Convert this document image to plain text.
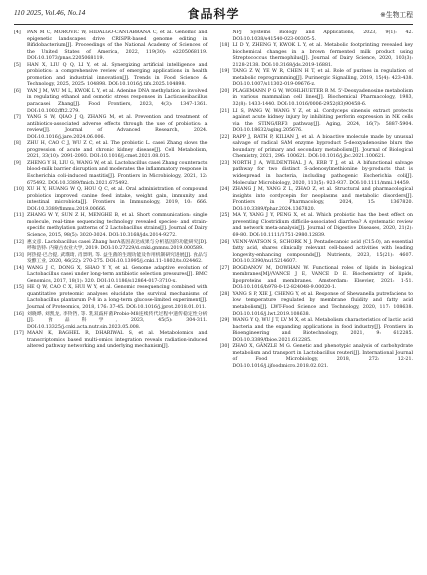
110 2025, Vol.46, No.14	食品科学	※生物工程
[4]	PAN M C, MOROVIC W, HIDALGO-CANTABRANA C, et al. Genomic and epigenetic landscapes drive CRISPR-based genome editing in Bifidobacterium[J]. Proceedings of the National Academy of Sciences of the United States of America, 2022, 119(30): e2205068119. DOI:10.1073/pnas.2205068119.
[5]	HAN X, LIU Q Q, LI Y, et al. Synergizing artificial intelligence and probiotics: a comprehensive review of emerging applications in health promotion and industrial innovation[J]. Trends in Food Science & Technology, 2025, 2025: 104898. DOI:10.1016/j.tifs.2025.104898.
[6]	YAN J M, WU M L, KWOK L Y, et al. Adenine DNA methylation is involved in regulating ethanol and osmotic stress responses in Lacticaseibacillus paracasei Zhang[J]. Food Frontiers, 2023, 4(3): 1347-1361. DOI:10.1002/fft2.279.
[7]	YANG S W, QIAO J Q, ZHANG M, et al. Prevention and treatment of antibiotics-associated adverse effects through the use of probiotics: a review[J]. Journal of Advanced Research, 2024. DOI:10.1016/j.jare.2024.06.006.
[8]	ZHU H, CAO C J, WU Z C, et al. The probiotic L. casei Zhang slows the progression of acute and chronic kidney disease[J]. Cell Metabolism, 2021, 33(10): 2091-2093. DOI:10.1016/j.cmet.2021.08.015.
[9]	ZHENG Y H, LIU G, WANG W, et al. Lactobacillus casei Zhang counteracts blood-milk barrier disruption and moderates the inflammatory response in Escherichia coli-induced mastitis[J]. Frontiers in Microbiology, 2021, 12: 675492. DOI:10.3389/fmicb.2021.675492.
[10] XU H Y, HUANG W Q, HOU Q C, et al. Oral administration of compound probiotics improved canine feed intake, weight gain, immunity and intestinal microbiota[J]. Frontiers in Immunology, 2019, 10: 666. DOI:10.3389/fimmu.2019.00666.
[11] ZHANG W Y, SUN Z H, MENGHE B, et al. Short communication: single molecule, real-time sequencing technology revealed species- and strain-specific methylation patterns of 2 Lactobacillus strains[J]. Journal of Dairy Science, 2015, 98(5): 3020-3024. DOI:10.3168/jds.2014-9272.
[12] 惠文彦. Lactobacillus casei Zhang hsrA基因表达成果与分析基因的功能研究[D]. 呼和浩特: 内蒙古农业大学, 2019. DOI:10.27229/d.cnki.gnmnu.2019.000589.
[13] 阿热提·巴合提, 武璞琦, 肖景明, 等. 益生菌的生理功能及作用机制研究进展[J]. 食品与发酵工业, 2020, 46(22): 270-275. DOI:10.13995/j.cnki.11-1802/ts.024462.
[14] WANG J C, DONG X, SHAO Y Y, et al. Genome adaptive evolution of Lactobacillus casei under long-term antibiotic selection pressures[J]. BMC Genomics, 2017, 18(1): 320. DOI:10.1186/s12864-017-3710-x.
[15] HE Q W, CAO C X, HUI W Y, et al. Genomic resequencing combined with quantitative proteomic analyses elucidate the survival mechanisms of Lactobacillus plantarum P-8 in a long-term glucose-limited experiment[J]. Journal of Proteomics, 2018, 176: 37-45. DOI:10.1016/j.jprot.2018.01.011.
[16] 刘晓晔, 刘凯龙, 李铃铛, 等. 乳双歧杆菌Probio-M8连续传代过程中遗传稳定性分析[J]. 食品科学, 2023, 45(5): 304-311. DOI:10.13325/j.cnki.acta.nutr.sin.2023.05.008.
[17] MAAN K, BAGHEL R, DHARIWAL S, et al. Metabolomics and transcriptomics based multi-omics integration reveals radiation-induced altered pathway networking and underlying mechanism[J].
NPJ Systems Biology and Applications, 2023, 9(1): 42. DOI:10.1038/s41540-023-00305-5.
[18] LI D Y, ZHENG Y, KWOK L Y, et al. Metabolic footprinting revealed key biochemical changes in a brown fermented milk product using Streptococcus thermophilus[J]. Journal of Dairy Science, 2020, 103(3): 2128-2138. DOI:10.3168/jds.2019-16881.
[19] TANG Z W, YE W R, CHEN H T, et al. Role of purines in regulation of metabolic reprogramming[J]. Purinergic Signalling, 2019, 15(4): 423-438. DOI:10.1007/s11302-019-09676-z.
[20] PLAGEMANN P G W, WOHLHUETER R M. 5'-Deoxyadenosine metabolism in various mammalian cell lines[J]. Biochemical Pharmacology, 1983, 32(8): 1433-1440. DOI:10.1016/0006-2952(83)90458-6.
[21] LI S, PANG W, WANG Y Z, et al. Cordyceps sinensis extract protects against acute kidney injury by inhibiting perforin expression in NK cells via the STING/IRF3 pathway[J]. Aging, 2024, 16(7): 5887-5904. DOI:10.18632/aging.205676.
[22] RAPP J, RATH P, KILIAN J, et al. A bioactive molecule made by unusual salvage of radical SAM enzyme byproduct 5-deoxyadenosine blurs the boundary of primary and secondary metabolism[J]. Journal of Biological Chemistry, 2021, 296: 100621. DOI:10.1016/j.jbc.2021.100621.
[23] NORTH J A, WILDENTHAL J A, ERB T J, et al. A bifunctional salvage pathway for two distinct S-adenosylmethionine by-products that is widespread in bacteria, including pathogenic Escherichia coli[J]. Molecular Microbiology, 2020, 113(5): 923-937. DOI:10.1111/mmi.14459.
[24] ZHANG J M, YANG Z L, ZHAO Z, et al. Structural and pharmacological insights into cordycepin for neoplasms and metabolic disorders[J]. Frontiers in Pharmacology, 2024, 15: 1367820. DOI:10.3389/fphar.2024.1367820.
[25] MA Y, YANG J Y, PENG X, et al. Which probiotic has the best effect on preventing Clostridium difficile-associated diarrhea? A systematic review and network meta-analysis[J]. Journal of Digestive Diseases, 2020, 21(2): 69-80. DOI:10.1111/1751-2980.12839.
[26] VENN-WATSON S, SCHORK N J. Pentadecanoic acid (C15:0), an essential fatty acid, shares clinically relevant cell-based activities with leading longevity-enhancing compounds[J]. Nutrients, 2023, 15(21): 4607. DOI:10.3390/nu15214607.
[27] BOGDANOV M, DOWHAN W. Functional roles of lipids in biological membranes[M]//VANCE J E, VANCE D E. Biochemistry of lipids, lipoproteins and membranes. Amsterdam: Elsevier, 2021: 1-51. DOI:10.1016/b978-0-12-824048-9.00020-1.
[28] YANG S P, XIE J, CHENG Y, et al. Response of Shewanella putrefaciens to low temperature regulated by membrane fluidity and fatty acid metabolism[J]. LWT-Food Science and Technology, 2020, 117: 108638. DOI:10.1016/j.lwt.2019.108638.
[29] WANG Y Q, WU J T, LV M X, et al. Metabolism characteristics of lactic acid bacteria and the expanding applications in food industry[J]. Frontiers in Bioengineering and Biotechnology, 2021, 9: 612285. DOI:10.3389/fbioe.2021.612285.
[30] ZHAO X, GÄNZLE M G. Genetic and phenotypic analysis of carbohydrate metabolism and transport in Lactobacillus reuteri[J]. International Journal of Food Microbiology, 2018, 272: 12-21. DOI:10.1016/j.ijfoodmicro.2018.02.021.
